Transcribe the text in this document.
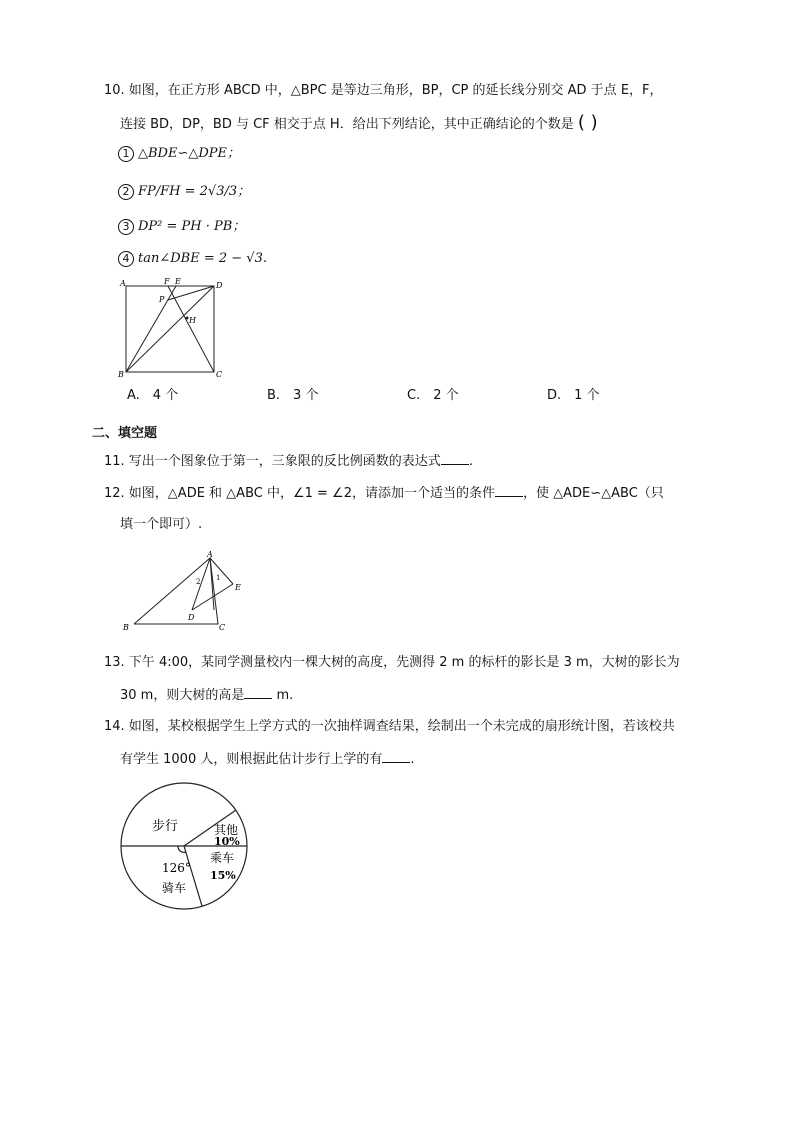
10. 如图，在正方形 ABCD 中，△BPC 是等边三角形，BP，CP 的延长线分别交 AD 于点 E，F，
连接 BD，DP，BD 与 CF 相交于点 H．给出下列结论，其中正确结论的个数是 ( )
1 △BDE∽△DPE；
2 FP/FH = 2√3/3；
3 DP² = PH · PB；
4 tan∠DBE = 2 − √3.
A
B	C
D
E
F
P
H
A.　4 个	B.　3 个	C.　2 个	D.　1 个
二、填空题
11. 写出一个图象位于第一，三象限的反比例函数的表达式 .
12. 如图，△ADE 和 △ABC 中，∠1 = ∠2，请添加一个适当的条件 ，使 △ADE∽△ABC（只
填一个即可）.
A
B	C
D
E
2 1
13. 下午 4:00，某同学测量校内一棵大树的高度，先测得 2 m 的标杆的影长是 3 m，大树的影长为
30 m，则大树的高是 m.
14. 如图，某校根据学生上学方式的一次抽样调查结果，绘制出一个未完成的扇形统计图，若该校共
有学生 1000 人，则根据此估计步行上学的有 .
步行	其他
10%
乘车
15%
126°
骑车
